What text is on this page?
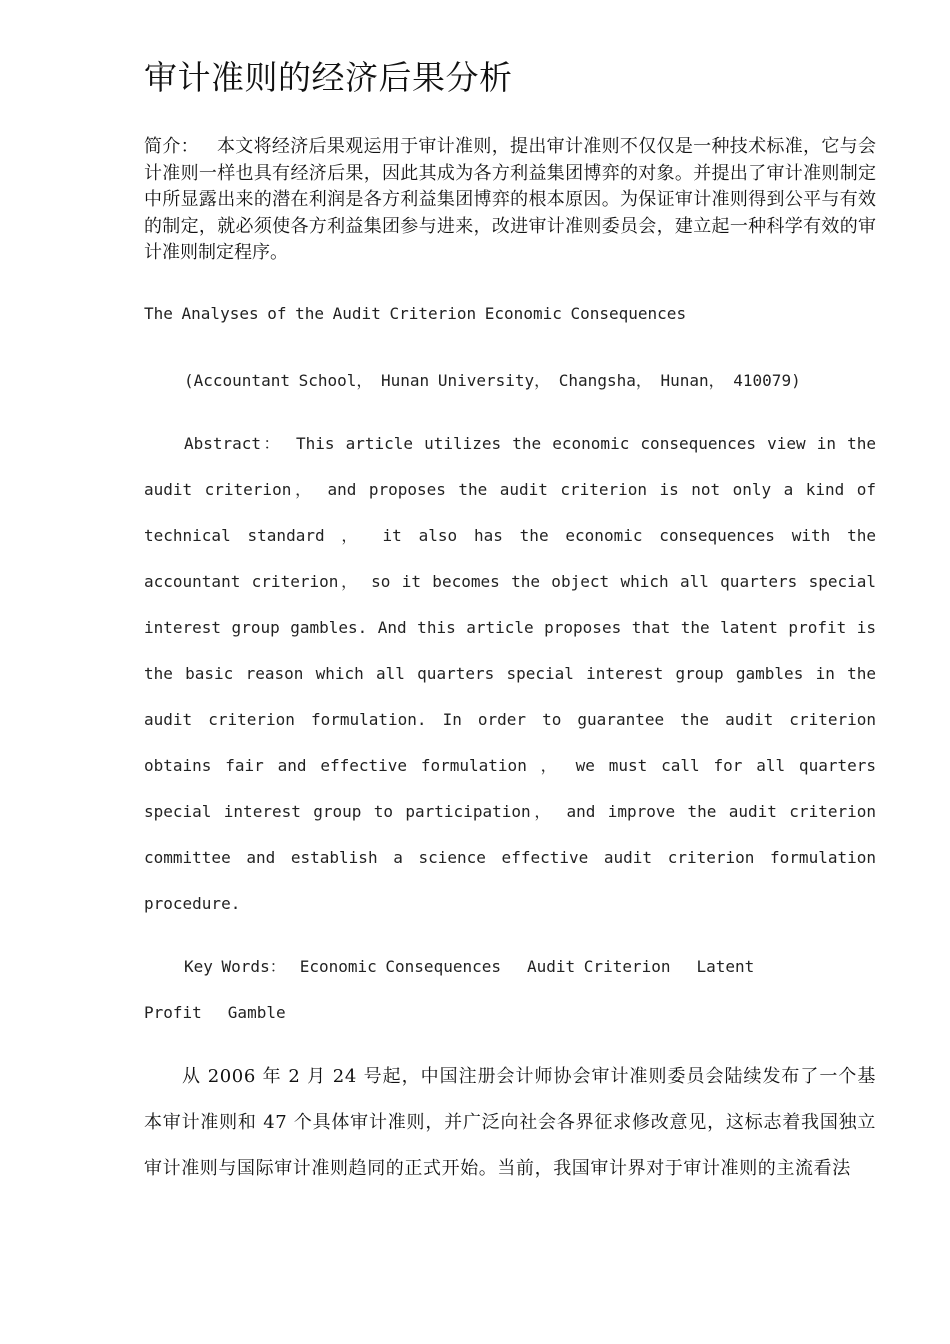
审计准则的经济后果分析

简介： 本文将经济后果观运用于审计准则，提出审计准则不仅仅是一种技术标准，它与会计准则一样也具有经济后果，因此其成为各方利益集团博弈的对象。并提出了审计准则制定中所显露出来的潜在利润是各方利益集团博弈的根本原因。为保证审计准则得到公平与有效的制定，就必须使各方利益集团参与进来，改进审计准则委员会，建立起一种科学有效的审计准则制定程序。

The Analyses of the Audit Criterion Economic Consequences

(Accountant School， Hunan University， Changsha， Hunan， 410079)

Abstract： This article utilizes the economic consequences view in the audit criterion， and proposes the audit criterion is not only a kind of technical standard ， it also has the economic consequences with the accountant criterion， so it becomes the object which all quarters special interest group gambles. And this article proposes that the latent profit is the basic reason which all quarters special interest group gambles in the audit criterion formulation. In order to guarantee the audit criterion obtains fair and effective formulation ， we must call for all quarters special interest group to participation， and improve the audit criterion committee and establish a science effective audit criterion formulation procedure.

Key Words： Economic Consequences Audit Criterion Latent Profit Gamble

从 2006 年 2 月 24 号起，中国注册会计师协会审计准则委员会陆续发布了一个基本审计准则和 47 个具体审计准则，并广泛向社会各界征求修改意见，这标志着我国独立审计准则与国际审计准则趋同的正式开始。当前，我国审计界对于审计准则的主流看法
